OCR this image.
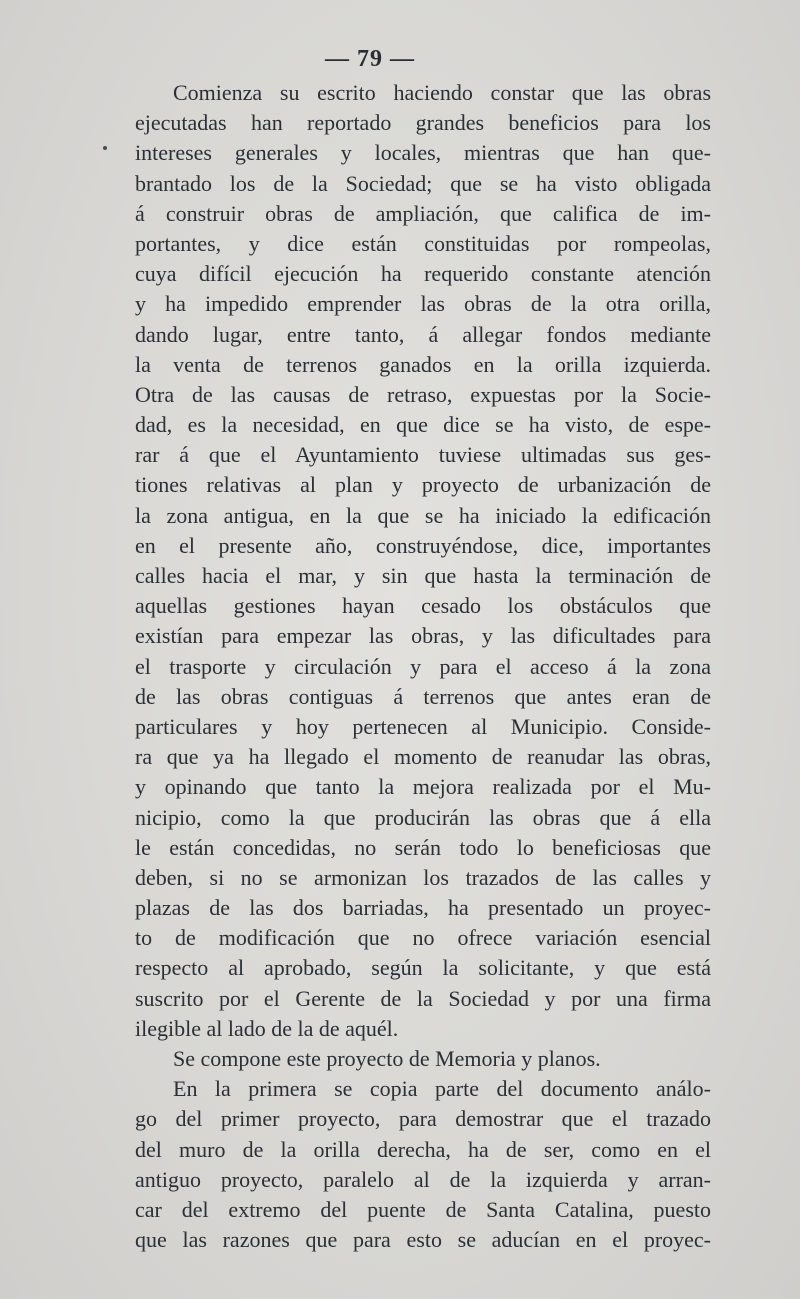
— 79 —
Comienza su escrito haciendo constar que las obras
ejecutadas han reportado grandes beneficios para los
intereses generales y locales, mientras que han que-
brantado los de la Sociedad; que se ha visto obligada
á construir obras de ampliación, que califica de im-
portantes, y dice están constituidas por rompeolas,
cuya difícil ejecución ha requerido constante atención
y ha impedido emprender las obras de la otra orilla,
dando lugar, entre tanto, á allegar fondos mediante
la venta de terrenos ganados en la orilla izquierda.
Otra de las causas de retraso, expuestas por la Socie-
dad, es la necesidad, en que dice se ha visto, de espe-
rar á que el Ayuntamiento tuviese ultimadas sus ges-
tiones relativas al plan y proyecto de urbanización de
la zona antigua, en la que se ha iniciado la edificación
en el presente año, construyéndose, dice, importantes
calles hacia el mar, y sin que hasta la terminación de
aquellas gestiones hayan cesado los obstáculos que
existían para empezar las obras, y las dificultades para
el trasporte y circulación y para el acceso á la zona
de las obras contiguas á terrenos que antes eran de
particulares y hoy pertenecen al Municipio. Conside-
ra que ya ha llegado el momento de reanudar las obras,
y opinando que tanto la mejora realizada por el Mu-
nicipio, como la que producirán las obras que á ella
le están concedidas, no serán todo lo beneficiosas que
deben, si no se armonizan los trazados de las calles y
plazas de las dos barriadas, ha presentado un proyec-
to de modificación que no ofrece variación esencial
respecto al aprobado, según la solicitante, y que está
suscrito por el Gerente de la Sociedad y por una firma
ilegible al lado de la de aquél.
Se compone este proyecto de Memoria y planos.
En la primera se copia parte del documento análo-
go del primer proyecto, para demostrar que el trazado
del muro de la orilla derecha, ha de ser, como en el
antiguo proyecto, paralelo al de la izquierda y arran-
car del extremo del puente de Santa Catalina, puesto
que las razones que para esto se aducían en el proyec-
